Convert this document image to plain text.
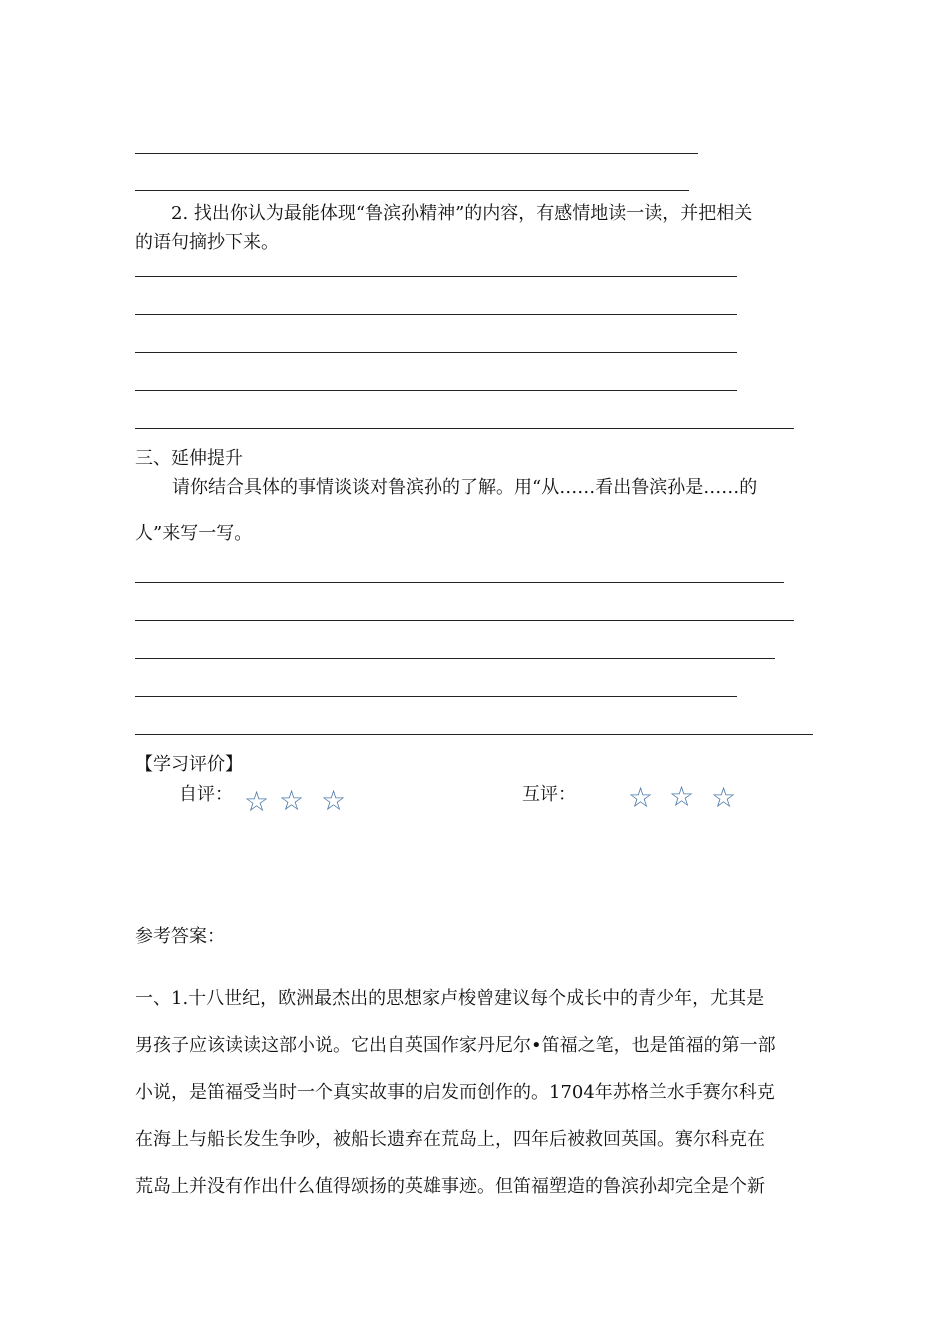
2. 找出你认为最能体现“鲁滨孙精神”的内容，有感情地读一读，并把相关
的语句摘抄下来。
三、延伸提升
请你结合具体的事情谈谈对鲁滨孙的了解。用“从……看出鲁滨孙是……的
人”来写一写。
【学习评价】
自评： ☆ ☆ ☆	互评： ☆ ☆ ☆
参考答案：
一、1.十八世纪，欧洲最杰出的思想家卢梭曾建议每个成长中的青少年，尤其是
男孩子应该读读这部小说。它出自英国作家丹尼尔•笛福之笔，也是笛福的第一部
小说，是笛福受当时一个真实故事的启发而创作的。1704年苏格兰水手赛尔科克
在海上与船长发生争吵，被船长遗弃在荒岛上，四年后被救回英国。赛尔科克在
荒岛上并没有作出什么值得颂扬的英雄事迹。但笛福塑造的鲁滨孙却完全是个新
